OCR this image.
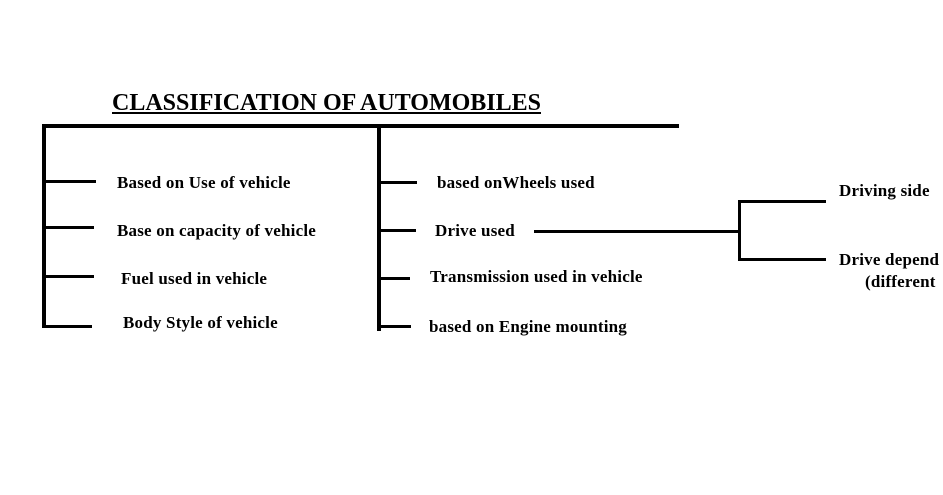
CLASSIFICATION OF AUTOMOBILES
Based on Use of vehicle
Base on capacity of vehicle
Fuel used in vehicle
Body Style of vehicle
based onWheels used
Drive used
Transmission used in vehicle
based on Engine mounting
Driving side
Drive depend
(different
